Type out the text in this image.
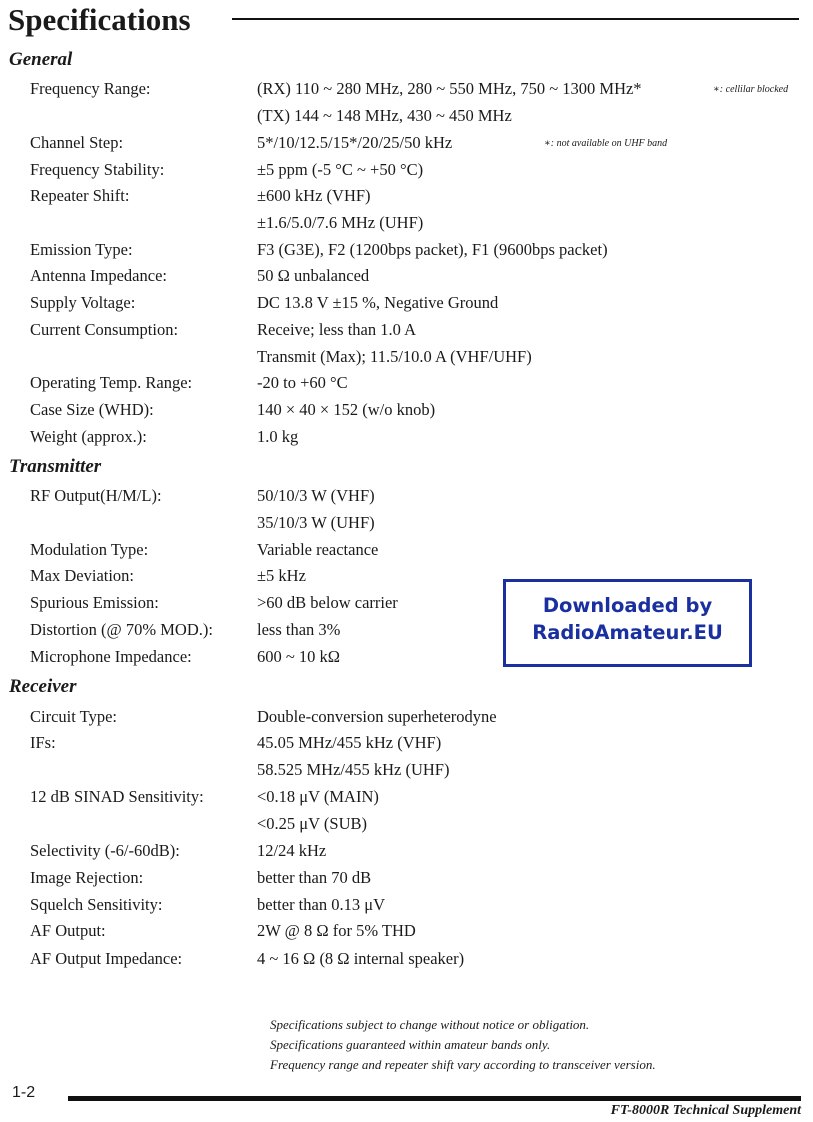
Specifications
General
Frequency Range:	(RX) 110 ~ 280 MHz, 280 ~ 550 MHz, 750 ~ 1300 MHz*
(TX) 144 ~ 148 MHz, 430 ~ 450 MHz
∗: cellilar blocked
Channel Step:	5*/10/12.5/15*/20/25/50 kHz	∗: not available on UHF band
Frequency Stability:	±5 ppm (-5 °C ~ +50 °C)
Repeater Shift:	±600 kHz (VHF)
±1.6/5.0/7.6 MHz (UHF)
Emission Type:	F3 (G3E), F2 (1200bps packet), F1 (9600bps packet)
Antenna Impedance:	50 Ω unbalanced
Supply Voltage:	DC 13.8 V ±15 %, Negative Ground
Current Consumption:	Receive; less than 1.0 A
Transmit (Max); 11.5/10.0 A (VHF/UHF)
Operating Temp. Range:	-20 to +60 °C
Case Size (WHD):	140 × 40 × 152 (w/o knob)
Weight (approx.):	1.0 kg
Transmitter
RF Output(H/M/L):	50/10/3 W (VHF)
35/10/3 W (UHF)
Modulation Type:	Variable reactance
Max Deviation:	±5 kHz
Spurious Emission:	>60 dB below carrier
Distortion (@ 70% MOD.):	less than 3%
Microphone Impedance:	600 ~ 10 kΩ
Receiver
Circuit Type:	Double-conversion superheterodyne
IFs:	45.05 MHz/455 kHz (VHF)
58.525 MHz/455 kHz (UHF)
12 dB SINAD Sensitivity:	<0.18 μV (MAIN)
<0.25 μV (SUB)
Selectivity (-6/-60dB):	12/24 kHz
Image Rejection:	better than 70 dB
Squelch Sensitivity:	better than 0.13 μV
AF Output:	2W @ 8 Ω for 5% THD
AF Output Impedance:	4 ~ 16 Ω (8 Ω internal speaker)
Downloaded by
RadioAmateur.EU
Specifications subject to change without notice or obligation.
Specifications guaranteed within amateur bands only.
Frequency range and repeater shift vary according to transceiver version.
1-2
FT-8000R Technical Supplement
